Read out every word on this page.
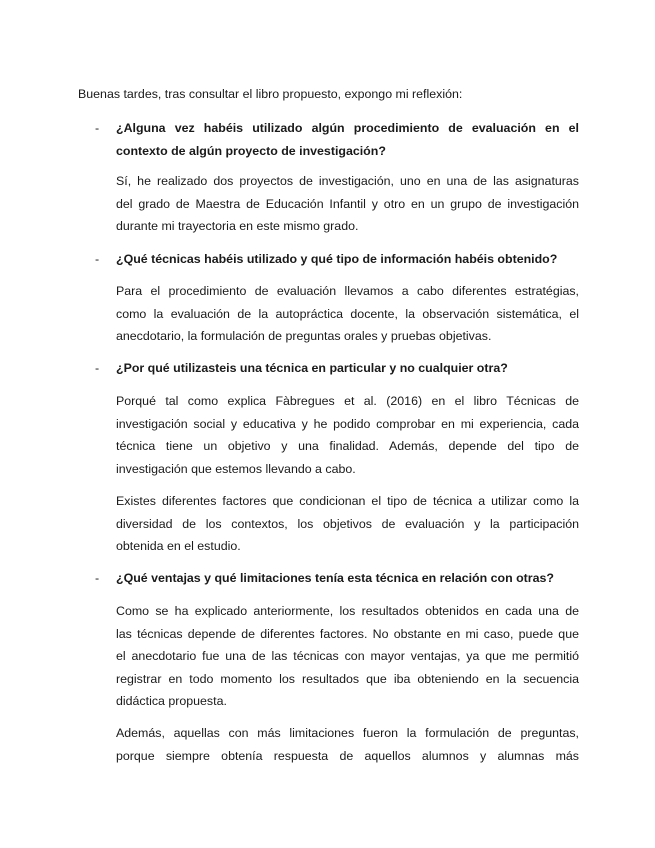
Buenas tardes, tras consultar el libro propuesto, expongo mi reflexión:

- ¿Alguna vez habéis utilizado algún procedimiento de evaluación en el contexto de algún proyecto de investigación?
Sí, he realizado dos proyectos de investigación, uno en una de las asignaturas
del grado de Maestra de Educación Infantil y otro en un grupo de investigación
durante mi trayectoria en este mismo grado.
- ¿Qué técnicas habéis utilizado y qué tipo de información habéis obtenido?
Para el procedimiento de evaluación llevamos a cabo diferentes estratégias,
como la evaluación de la autopráctica docente, la observación sistemática, el
anecdotario, la formulación de preguntas orales y pruebas objetivas.
- ¿Por qué utilizasteis una técnica en particular y no cualquier otra?
Porqué tal como explica Fàbregues et al. (2016) en el libro Técnicas de
investigación social y educativa y he podido comprobar en mi experiencia, cada
técnica tiene un objetivo y una finalidad. Además, depende del tipo de
investigación que estemos llevando a cabo.
Existes diferentes factores que condicionan el tipo de técnica a utilizar como la
diversidad de los contextos, los objetivos de evaluación y la participación
obtenida en el estudio.
- ¿Qué ventajas y qué limitaciones tenía esta técnica en relación con otras?
Como se ha explicado anteriormente, los resultados obtenidos en cada una de
las técnicas depende de diferentes factores. No obstante en mi caso, puede que
el anecdotario fue una de las técnicas con mayor ventajas, ya que me permitió
registrar en todo momento los resultados que iba obteniendo en la secuencia
didáctica propuesta.
Además, aquellas con más limitaciones fueron la formulación de preguntas,
porque siempre obtenía respuesta de aquellos alumnos y alumnas más
